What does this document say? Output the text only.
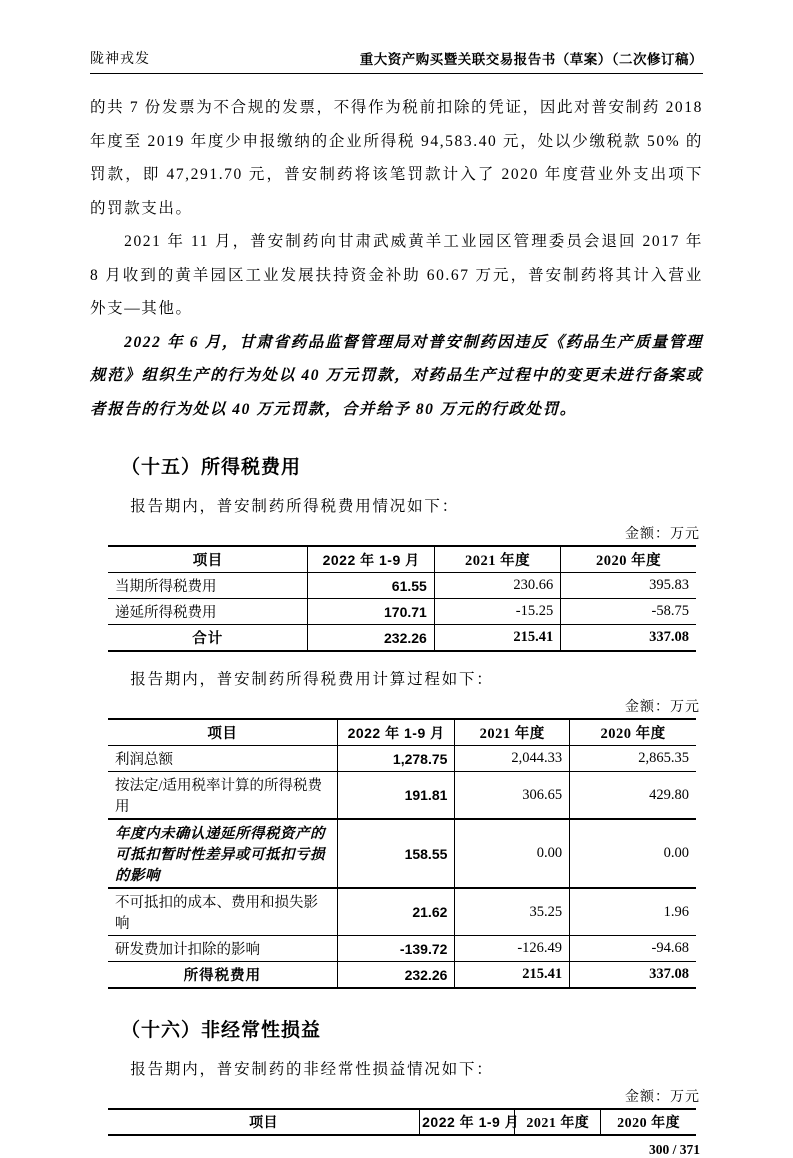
陇神戎发	重大资产购买暨关联交易报告书（草案）（二次修订稿）

的共 7 份发票为不合规的发票，不得作为税前扣除的凭证，因此对普安制药 2018 年度至 2019 年度少申报缴纳的企业所得税 94,583.40 元，处以少缴税款 50% 的罚款，即 47,291.70 元，普安制药将该笔罚款计入了 2020 年度营业外支出项下的罚款支出。

2021 年 11 月，普安制药向甘肃武威黄羊工业园区管理委员会退回 2017 年 8 月收到的黄羊园区工业发展扶持资金补助 60.67 万元，普安制药将其计入营业外支—其他。

2022 年 6 月，甘肃省药品监督管理局对普安制药因违反《药品生产质量管理规范》组织生产的行为处以 40 万元罚款，对药品生产过程中的变更未进行备案或者报告的行为处以 40 万元罚款，合并给予 80 万元的行政处罚。

（十五）所得税费用

报告期内，普安制药所得税费用情况如下：

金额：万元
项目	2022 年 1-9 月	2021 年度	2020 年度
当期所得税费用	61.55	230.66	395.83
递延所得税费用	170.71	-15.25	-58.75
合计	232.26	215.41	337.08

报告期内，普安制药所得税费用计算过程如下：

金额：万元
项目	2022 年 1-9 月	2021 年度	2020 年度
利润总额	1,278.75	2,044.33	2,865.35
按法定/适用税率计算的所得税费用	191.81	306.65	429.80
年度内未确认递延所得税资产的可抵扣暂时性差异或可抵扣亏损的影响	158.55	0.00	0.00
不可抵扣的成本、费用和损失影响	21.62	35.25	1.96
研发费加计扣除的影响	-139.72	-126.49	-94.68
所得税费用	232.26	215.41	337.08
（十六）非经常性损益

报告期内，普安制药的非经常性损益情况如下：

金额：万元
项目	2022 年 1-9 月	2021 年度	2020 年度
300 / 371
